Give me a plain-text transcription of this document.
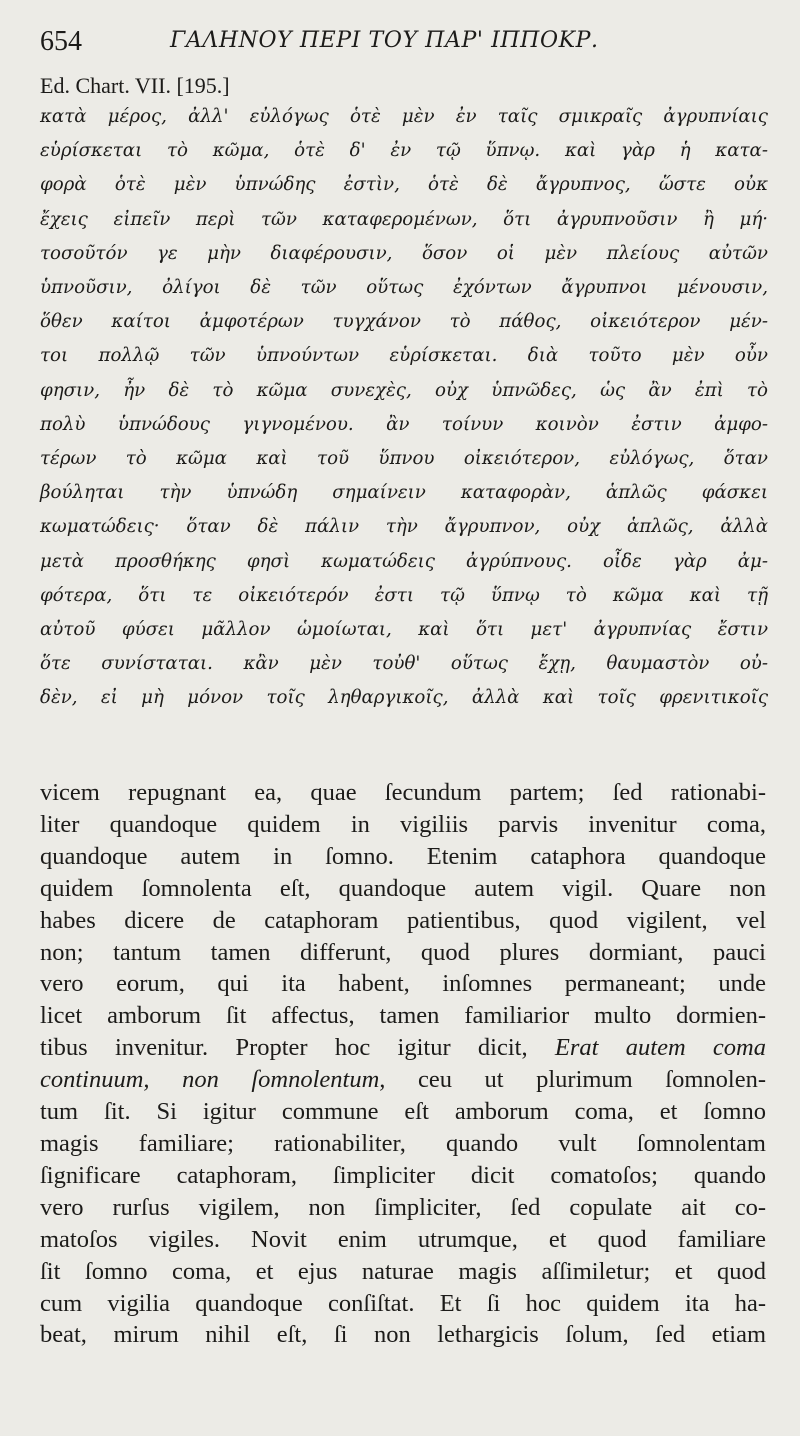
654	ΓΑΛΗΝΟΥ ΠΕΡΙ ΤΟΥ ΠΑΡ' ΙΠΠΟΚΡ.
Ed. Chart. VII. [195.]
κατὰ μέρος, ἀλλ' εὐλόγως ὁτὲ μὲν ἐν ταῖς σμικραῖς ἀγρυπνίαις
εὑρίσκεται τὸ κῶμα, ὁτὲ δ' ἐν τῷ ὕπνῳ. καὶ γὰρ ἡ κατα-
φορὰ ὁτὲ μὲν ὑπνώδης ἐστὶν, ὁτὲ δὲ ἄγρυπνος, ὥστε οὐκ
ἔχεις εἰπεῖν περὶ τῶν καταφερομένων, ὅτι ἀγρυπνοῦσιν ἢ μή·
τοσοῦτόν γε μὴν διαφέρουσιν, ὅσον οἱ μὲν πλείους αὐτῶν
ὑπνοῦσιν, ὀλίγοι δὲ τῶν οὕτως ἐχόντων ἄγρυπνοι μένουσιν,
ὅθεν καίτοι ἀμφοτέρων τυγχάνον τὸ πάθος, οἰκειότερον μέν-
τοι πολλῷ τῶν ὑπνούντων εὑρίσκεται. διὰ τοῦτο μὲν οὖν
φησιν, ἦν δὲ τὸ κῶμα συνεχὲς, οὐχ ὑπνῶδες, ὡς ἂν ἐπὶ τὸ
πολὺ ὑπνώδους γιγνομένου. ἂν τοίνυν κοινὸν ἐστιν ἀμφο-
τέρων τὸ κῶμα καὶ τοῦ ὕπνου οἰκειότερον, εὐλόγως, ὅταν
βούληται τὴν ὑπνώδη σημαίνειν καταφορὰν, ἁπλῶς φάσκει
κωματώδεις· ὅταν δὲ πάλιν τὴν ἄγρυπνον, οὐχ ἁπλῶς, ἀλλὰ
μετὰ προσθήκης φησὶ κωματώδεις ἀγρύπνους. οἶδε γὰρ ἀμ-
φότερα, ὅτι τε οἰκειότερόν ἐστι τῷ ὕπνῳ τὸ κῶμα καὶ τῇ
αὐτοῦ φύσει μᾶλλον ὡμοίωται, καὶ ὅτι μετ' ἀγρυπνίας ἔστιν
ὅτε συνίσταται. κἂν μὲν τοὐθ' οὕτως ἔχῃ, θαυμαστὸν οὐ-
δὲν, εἰ μὴ μόνον τοῖς ληθαργικοῖς, ἀλλὰ καὶ τοῖς φρενιτικοῖς
vicem repugnant ea, quae ſecundum partem; ſed rationabi-
liter quandoque quidem in vigiliis parvis invenitur coma,
quandoque autem in ſomno. Etenim cataphora quandoque
quidem ſomnolenta eſt, quandoque autem vigil. Quare non
habes dicere de cataphoram patientibus, quod vigilent, vel
non; tantum tamen differunt, quod plures dormiant, pauci
vero eorum, qui ita habent, inſomnes permaneant; unde
licet amborum ſit affectus, tamen familiarior multo dormien-
tibus invenitur. Propter hoc igitur dicit, Erat autem coma
continuum, non ſomnolentum, ceu ut plurimum ſomnolen-
tum ſit. Si igitur commune eſt amborum coma, et ſomno
magis familiare; rationabiliter, quando vult ſomnolentam
ſignificare cataphoram, ſimpliciter dicit comatoſos; quando
vero rurſus vigilem, non ſimpliciter, ſed copulate ait co-
matoſos vigiles. Novit enim utrumque, et quod familiare
ſit ſomno coma, et ejus naturae magis aſſimiletur; et quod
cum vigilia quandoque conſiſtat. Et ſi hoc quidem ita ha-
beat, mirum nihil eſt, ſi non lethargicis ſolum, ſed etiam
